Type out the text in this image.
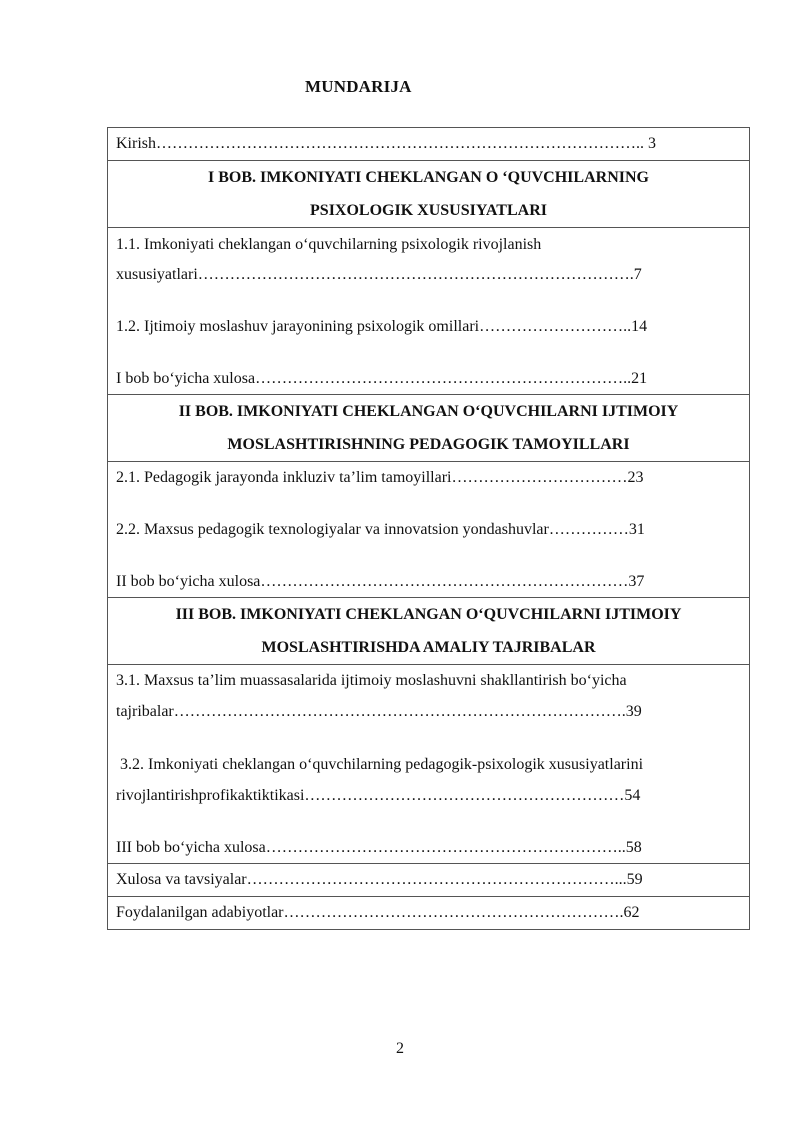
MUNDARIJA
Kirish……………………………………………………………………………….. 3

I BOB. IMKONIYATI CHEKLANGAN O ‘QUVCHILARNING
PSIXOLOGIK XUSUSIYATLARI

1.1. Imkoniyati cheklangan o‘quvchilarning psixologik rivojlanish
xususiyatlari……………………………………………………………………….7
1.2. Ijtimoiy moslashuv jarayonining psixologik omillari………………………..14
I bob bo‘yicha xulosa……………………………………………………………..21

II BOB. IMKONIYATI CHEKLANGAN O‘QUVCHILARNI IJTIMOIY
MOSLASHTIRISHNING PEDAGOGIK TAMOYILLARI

2.1. Pedagogik jarayonda inkluziv ta’lim tamoyillari……………………………23
2.2. Maxsus pedagogik texnologiyalar va innovatsion yondashuvlar……………31
II bob bo‘yicha xulosa……………………………………………………………37

III BOB. IMKONIYATI CHEKLANGAN O‘QUVCHILARNI IJTIMOIY
MOSLASHTIRISHDA AMALIY TAJRIBALAR

3.1. Maxsus ta’lim muassasalarida ijtimoiy moslashuvni shakllantirish bo‘yicha
tajribalar………………………………………………………………………….39
3.2. Imkoniyati cheklangan o‘quvchilarning pedagogik-psixologik xususiyatlarini
rivojlantirishprofikaktiktikasi……………………………………………………54
III bob bo‘yicha xulosa…………………………………………………………..58

Xulosa va tavsiyalar……………………………………………………………...59
Foydalanilgan adabiyotlar……………………………………………………….62
2
